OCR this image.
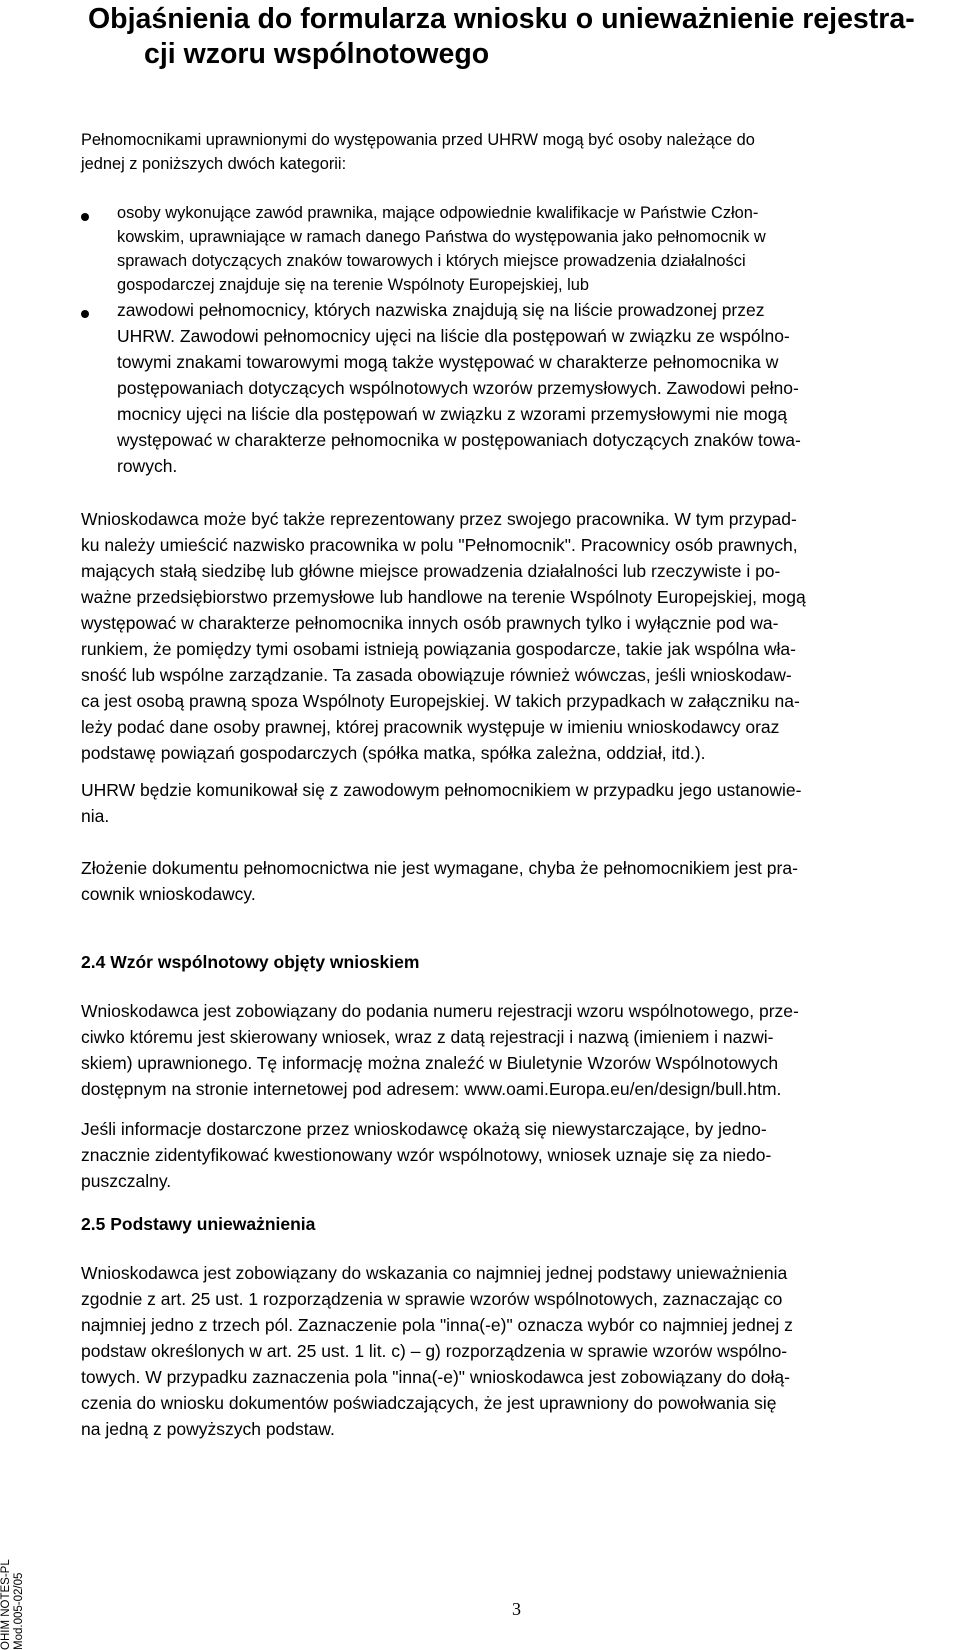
Objaśnienia do formularza wniosku o unieważnienie rejestra-
cji wzoru wspólnotowego

Pełnomocnikami uprawnionymi do występowania przed UHRW mogą być osoby należące do
jednej z poniższych dwóch kategorii:

osoby wykonujące zawód prawnika, mające odpowiednie kwalifikacje w Państwie Człon-
kowskim, uprawniające w ramach danego Państwa do występowania jako pełnomocnik w
sprawach dotyczących znaków towarowych i których miejsce prowadzenia działalności
gospodarczej znajduje się na terenie Wspólnoty Europejskiej, lub

zawodowi pełnomocnicy, których nazwiska znajdują się na liście prowadzonej przez
UHRW. Zawodowi pełnomocnicy ujęci na liście dla postępowań w związku ze wspólno-
towymi znakami towarowymi mogą także występować w charakterze pełnomocnika w
postępowaniach dotyczących wspólnotowych wzorów przemysłowych. Zawodowi pełno-
mocnicy ujęci na liście dla postępowań w związku z wzorami przemysłowymi nie mogą
występować w charakterze pełnomocnika w postępowaniach dotyczących znaków towa-
rowych.

Wnioskodawca może być także reprezentowany przez swojego pracownika. W tym przypad-
ku należy umieścić nazwisko pracownika w polu "Pełnomocnik". Pracownicy osób prawnych,
mających stałą siedzibę lub główne miejsce prowadzenia działalności lub rzeczywiste i po-
ważne przedsiębiorstwo przemysłowe lub handlowe na terenie Wspólnoty Europejskiej, mogą
występować w charakterze pełnomocnika innych osób prawnych tylko i wyłącznie pod wa-
runkiem, że pomiędzy tymi osobami istnieją powiązania gospodarcze, takie jak wspólna wła-
sność lub wspólne zarządzanie. Ta zasada obowiązuje również wówczas, jeśli wnioskodaw-
ca jest osobą prawną spoza Wspólnoty Europejskiej. W takich przypadkach w załączniku na-
leży podać dane osoby prawnej, której pracownik występuje w imieniu wnioskodawcy oraz
podstawę powiązań gospodarczych (spółka matka, spółka zależna, oddział, itd.).

UHRW będzie komunikował się z zawodowym pełnomocnikiem w przypadku jego ustanowie-
nia.

Złożenie dokumentu pełnomocnictwa nie jest wymagane, chyba że pełnomocnikiem jest pra-
cownik wnioskodawcy.

2.4 Wzór wspólnotowy objęty wnioskiem

Wnioskodawca jest zobowiązany do podania numeru rejestracji wzoru wspólnotowego, prze-
ciwko któremu jest skierowany wniosek, wraz z datą rejestracji i nazwą (imieniem i nazwi-
skiem) uprawnionego. Tę informację można znaleźć w Biuletynie Wzorów Wspólnotowych
dostępnym na stronie internetowej pod adresem: www.oami.Europa.eu/en/design/bull.htm.

Jeśli informacje dostarczone przez wnioskodawcę okażą się niewystarczające, by jedno-
znacznie zidentyfikować kwestionowany wzór wspólnotowy, wniosek uznaje się za niedo-
puszczalny.

2.5 Podstawy unieważnienia

Wnioskodawca jest zobowiązany do wskazania co najmniej jednej podstawy unieważnienia
zgodnie z art. 25 ust. 1 rozporządzenia w sprawie wzorów wspólnotowych, zaznaczając co
najmniej jedno z trzech pól. Zaznaczenie pola "inna(-e)" oznacza wybór co najmniej jednej z
podstaw określonych w art. 25 ust. 1 lit. c) – g) rozporządzenia w sprawie wzorów wspólno-
towych. W przypadku zaznaczenia pola "inna(-e)" wnioskodawca jest zobowiązany do dołą-
czenia do wniosku dokumentów poświadczających, że jest uprawniony do powołwania się
na jedną z powyższych podstaw.

OHIM NOTES-PL Mod.005-02/05	3
